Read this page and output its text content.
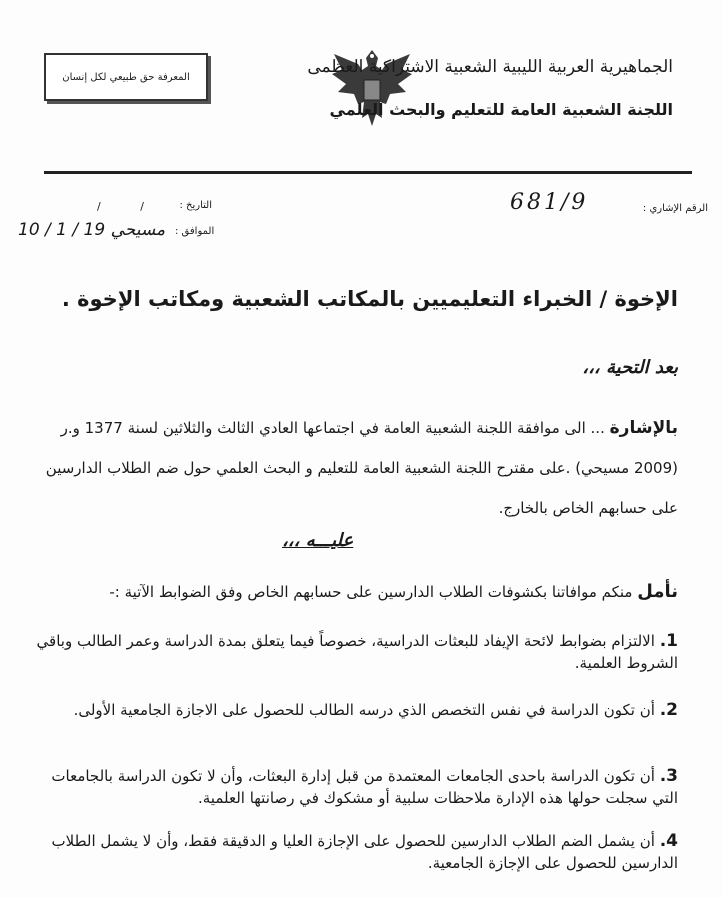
المعرفة حق طبيعي لكل إنسان	الجماهيرية العربية الليبية الشعبية الاشتراكية العظمى
اللجنة الشعبية العامة للتعليم والبحث العلمي
الرقم الإشاري :
681/9
التاريخ :
/ /
الموافق :
10 / 1 / 19 مسيحي
الإخوة / الخبراء التعليميين بالمكاتب الشعبية ومكاتب الإخوة .
بعد التحية ،،،
بالإشارة ... الى موافقة اللجنة الشعبية العامة في اجتماعها العادي الثالث والثلاثين لسنة 1377 و.ر (2009 مسيحي) .على مقترح اللجنة الشعبية العامة للتعليم و البحث العلمي حول ضم الطلاب الدارسين على حسابهم الخاص بالخارج.
عليـــه ،،،
نأمل منكم موافاتنا بكشوفات الطلاب الدارسين على حسابهم الخاص وفق الضوابط الآتية :-
1. الالتزام بضوابط لائحة الإيفاد للبعثات الدراسية، خصوصاً فيما يتعلق بمدة الدراسة وعمر الطالب وباقي الشروط العلمية.
2. أن تكون الدراسة في نفس التخصص الذي درسه الطالب للحصول على الاجازة الجامعية الأولى.
3. أن تكون الدراسة باحدى الجامعات المعتمدة من قبل إدارة البعثات، وأن لا تكون الدراسة بالجامعات التي سجلت حولها هذه الإدارة ملاحظات سلبية أو مشكوك في رصانتها العلمية.
4. أن يشمل الضم الطلاب الدارسين للحصول على الإجازة العليا و الدقيقة فقط، وأن لا يشمل الطلاب الدارسين للحصول على الإجازة الجامعية.
